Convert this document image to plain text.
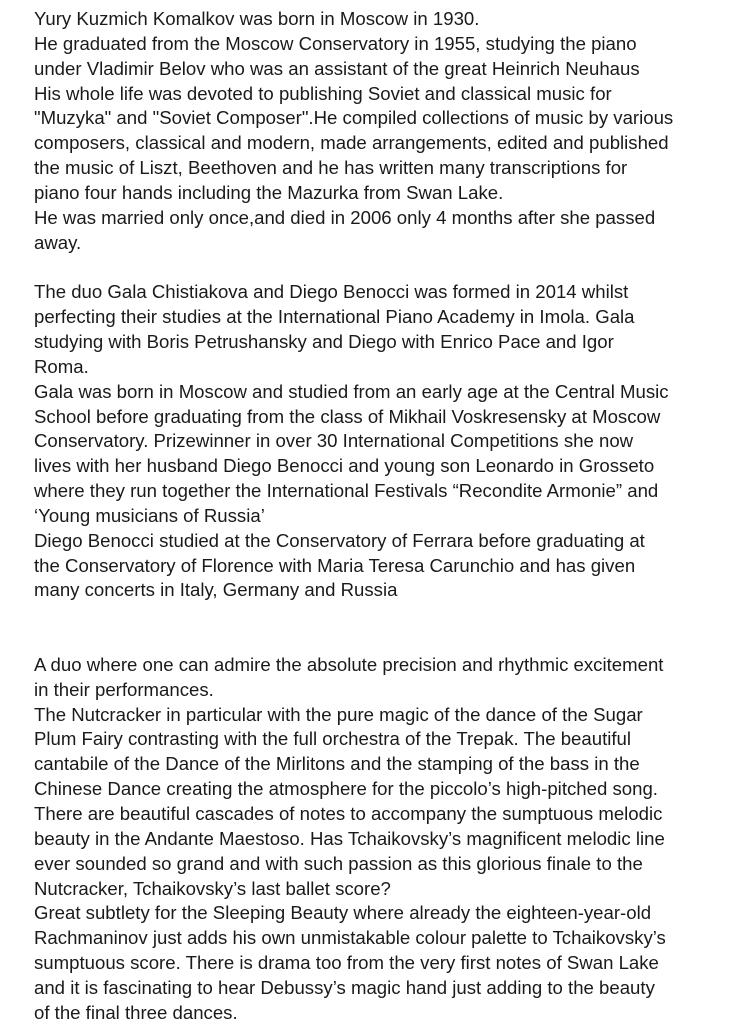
Yury Kuzmich Komalkov was born in Moscow in 1930.
He graduated from the Moscow Conservatory in 1955, studying the piano
under Vladimir Belov who was an assistant of the great Heinrich Neuhaus
His whole life was devoted to publishing Soviet and classical music for
"Muzyka" and "Soviet Composer".He compiled collections of music by various
composers, classical and modern, made arrangements, edited and published
the music of Liszt, Beethoven and he has written many transcriptions for
piano four hands including the Mazurka from Swan Lake.
He was married only once,and died in 2006 only 4 months after she passed
away.
The duo Gala Chistiakova and Diego Benocci was formed in 2014 whilst
perfecting their studies at the International Piano Academy in Imola. Gala
studying with Boris Petrushansky and Diego with Enrico Pace and Igor
Roma.
Gala was born in Moscow and studied from an early age at the Central Music
School before graduating from the class of Mikhail Voskresensky at Moscow
Conservatory. Prizewinner in over 30 International Competitions she now
lives with her husband Diego Benocci and young son Leonardo in Grosseto
where they run together the International Festivals “Recondite Armonie” and
‘Young musicians of Russia’
Diego Benocci studied at the Conservatory of Ferrara before graduating at
the Conservatory of Florence with Maria Teresa Carunchio and has given
many concerts in Italy, Germany and Russia
A duo where one can admire the absolute precision and rhythmic excitement
in their performances.
The Nutcracker in particular with the pure magic of the dance of the Sugar
Plum Fairy contrasting with the full orchestra of the Trepak. The beautiful
cantabile of the Dance of the Mirlitons and the stamping of the bass in the
Chinese Dance creating the atmosphere for the piccolo’s high-pitched song.
There are beautiful cascades of notes to accompany the sumptuous melodic
beauty in the Andante Maestoso. Has Tchaikovsky’s magnificent melodic line
ever sounded so grand and with such passion as this glorious finale to the
Nutcracker, Tchaikovsky’s last ballet score?
Great subtlety for the Sleeping Beauty where already the eighteen-year-old
Rachmaninov just adds his own unmistakable colour palette to Tchaikovsky’s
sumptuous score. There is drama too from the very first notes of Swan Lake
and it is fascinating to hear Debussy’s magic hand just adding to the beauty
of the final three dances.
